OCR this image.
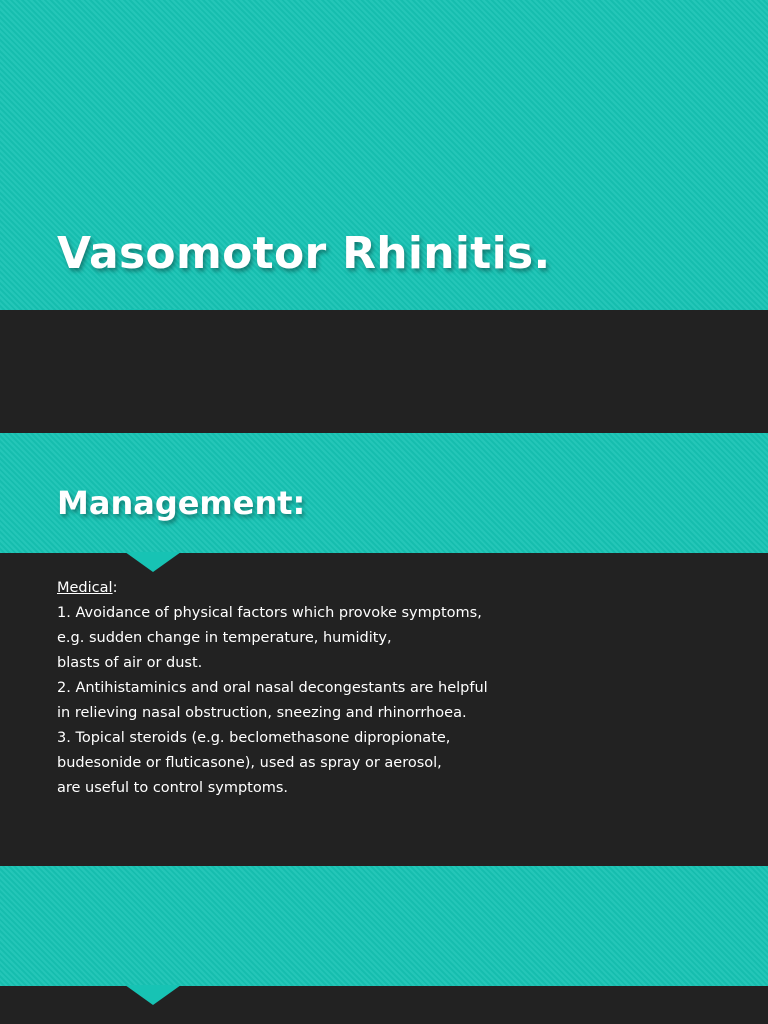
Vasomotor Rhinitis.
Management:
Medical:
1. Avoidance of physical factors which provoke symptoms,
e.g. sudden change in temperature, humidity,
blasts of air or dust.
2. Antihistaminics and oral nasal decongestants are helpful
in relieving nasal obstruction, sneezing and rhinorrhoea.
3. Topical steroids (e.g. beclomethasone dipropionate,
budesonide or fluticasone), used as spray or aerosol,
are useful to control symptoms.
